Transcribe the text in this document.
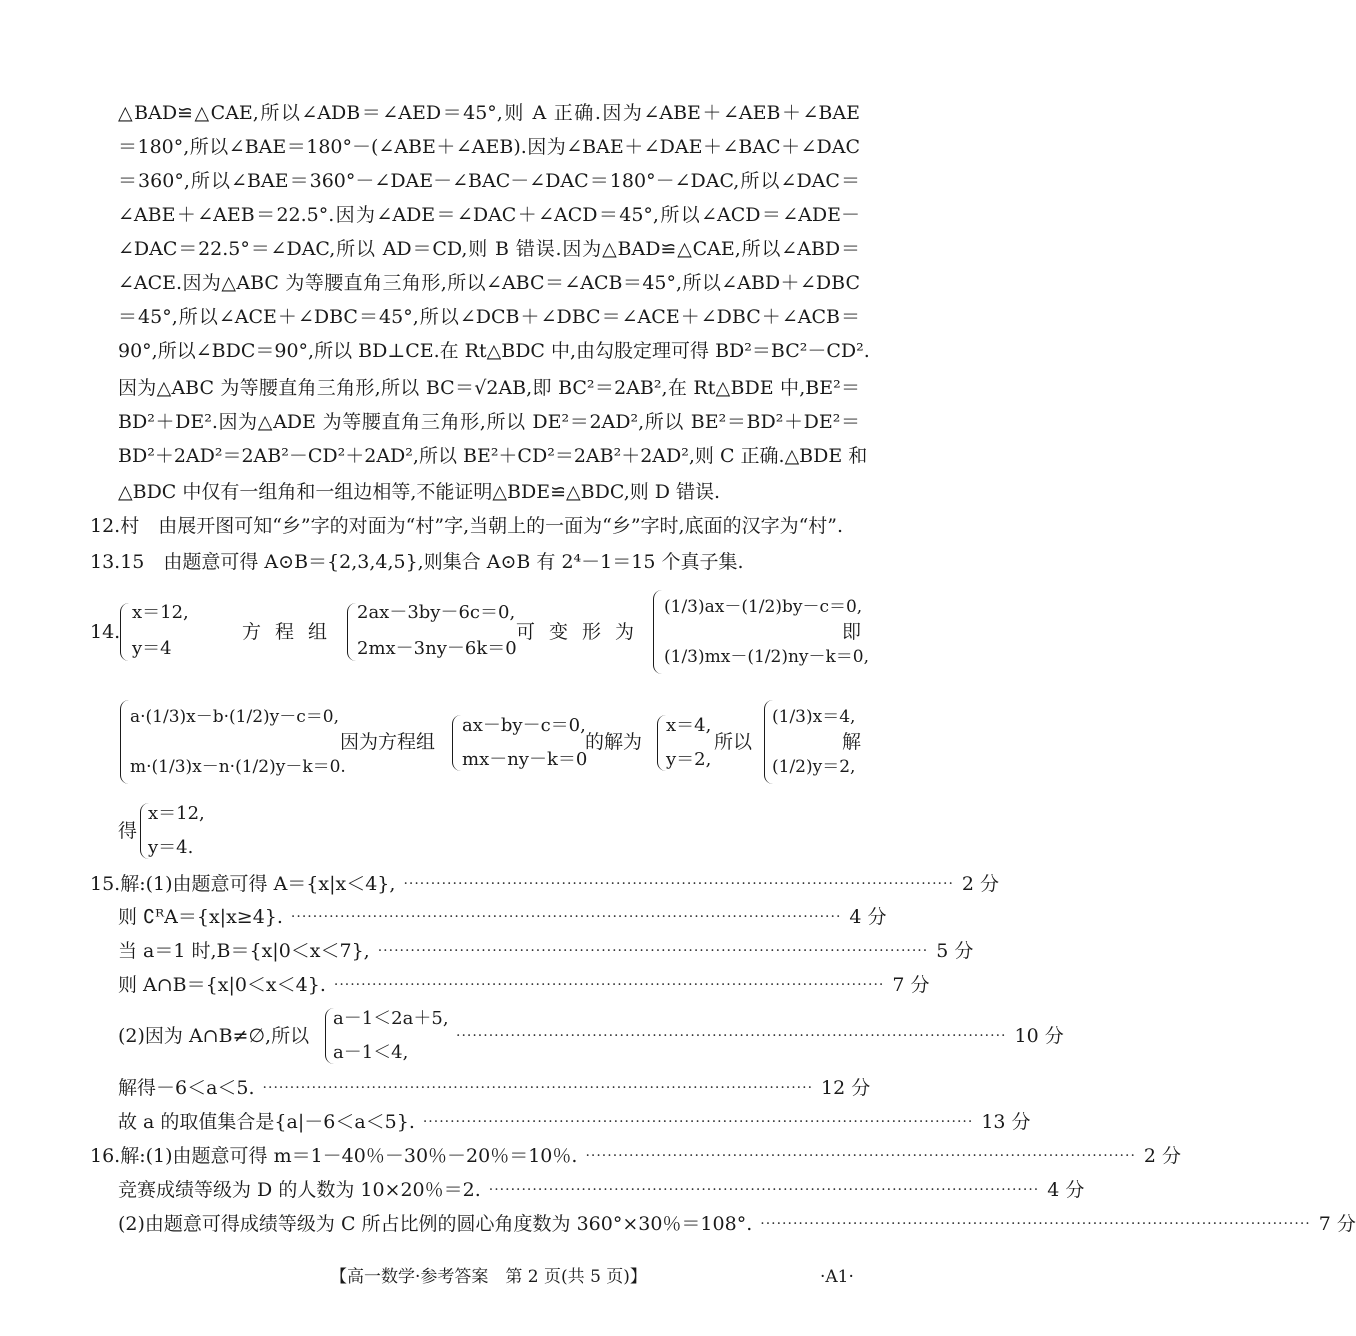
△BAD≌△CAE,所以∠ADB＝∠AED＝45°,则 A 正确.因为∠ABE＋∠AEB＋∠BAE
＝180°,所以∠BAE＝180°－(∠ABE＋∠AEB).因为∠BAE＋∠DAE＋∠BAC＋∠DAC
＝360°,所以∠BAE＝360°－∠DAE－∠BAC－∠DAC＝180°－∠DAC,所以∠DAC＝
∠ABE＋∠AEB＝22.5°.因为∠ADE＝∠DAC＋∠ACD＝45°,所以∠ACD＝∠ADE－
∠DAC＝22.5°＝∠DAC,所以 AD＝CD,则 B 错误.因为△BAD≌△CAE,所以∠ABD＝
∠ACE.因为△ABC 为等腰直角三角形,所以∠ABC＝∠ACB＝45°,所以∠ABD＋∠DBC
＝45°,所以∠ACE＋∠DBC＝45°,所以∠DCB＋∠DBC＝∠ACE＋∠DBC＋∠ACB＝
90°,所以∠BDC＝90°,所以 BD⊥CE.在 Rt△BDC 中,由勾股定理可得 BD²＝BC²－CD².
因为△ABC 为等腰直角三角形,所以 BC＝√2AB,即 BC²＝2AB²,在 Rt△BDE 中,BE²＝
BD²＋DE².因为△ADE 为等腰直角三角形,所以 DE²＝2AD²,所以 BE²＝BD²＋DE²＝
BD²＋2AD²＝2AB²－CD²＋2AD²,所以 BE²＋CD²＝2AB²＋2AD²,则 C 正确.△BDE 和
△BDC 中仅有一组角和一组边相等,不能证明△BDE≌△BDC,则 D 错误.
12.村　由展开图可知“乡”字的对面为“村”字,当朝上的一面为“乡”字时,底面的汉字为“村”.
13.15　由题意可得 A⊙B＝{2,3,4,5},则集合 A⊙B 有 2⁴－1＝15 个真子集.
14.
x＝12,
y＝4
方程组
2ax－3by－6c＝0,
2mx－3ny－6k＝0
可变形为
(1/3)ax－(1/2)by－c＝0,
(1/3)mx－(1/2)ny－k＝0,
即
a·(1/3)x－b·(1/2)y－c＝0,
m·(1/3)x－n·(1/2)y－k＝0.
因为方程组
ax－by－c＝0,
mx－ny－k＝0
的解为
x＝4,
y＝2,
所以
(1/3)x＝4,
(1/2)y＝2,
解
得
x＝12,
y＝4.
15.解:(1)由题意可得 A＝{x|x＜4}, ····································································································· 2 分
则 ∁ᴿA＝{x|x≥4}. ····································································································· 4 分
当 a＝1 时,B＝{x|0＜x＜7}, ····································································································· 5 分
则 A∩B＝{x|0＜x＜4}. ····································································································· 7 分
(2)因为 A∩B≠∅,所以
a－1＜2a＋5,
a－1＜4,
····································································································· 10 分
解得－6＜a＜5. ····································································································· 12 分
故 a 的取值集合是{a|－6＜a＜5}. ····································································································· 13 分
16.解:(1)由题意可得 m＝1－40％－30％－20％＝10％. ····································································································· 2 分
竞赛成绩等级为 D 的人数为 10×20％＝2. ····································································································· 4 分
(2)由题意可得成绩等级为 C 所占比例的圆心角度数为 360°×30％＝108°. ····································································································· 7 分
【高一数学·参考答案　第 2 页(共 5 页)】	·A1·
